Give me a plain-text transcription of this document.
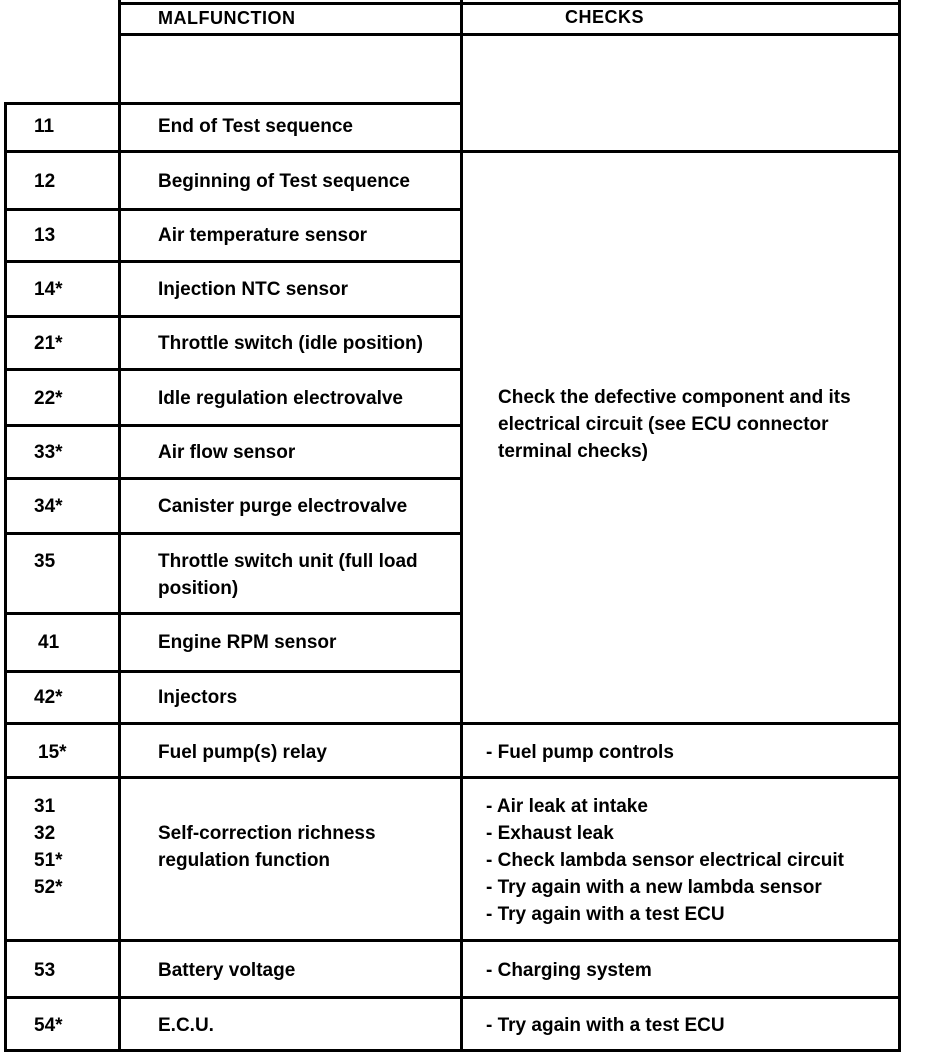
MALFUNCTION	CHECKS
11
12
13
14*
21*
22*
33*
34*
35
41
42*
15*
31
32
51*
52*
53
54*
End of Test sequence
Beginning of Test sequence
Air temperature sensor
Injection NTC sensor
Throttle switch (idle position)
Idle regulation electrovalve
Air flow sensor
Canister purge electrovalve
Throttle switch unit (full load
position)
Engine RPM sensor
Injectors
Fuel pump(s) relay
Self-correction richness
regulation function
Battery voltage
E.C.U.
Check the defective component and its
electrical circuit (see ECU connector
terminal checks)
- Fuel pump controls
- Air leak at intake
- Exhaust leak
- Check lambda sensor electrical circuit
- Try again with a new lambda sensor
- Try again with a test ECU
- Charging system
- Try again with a test ECU
